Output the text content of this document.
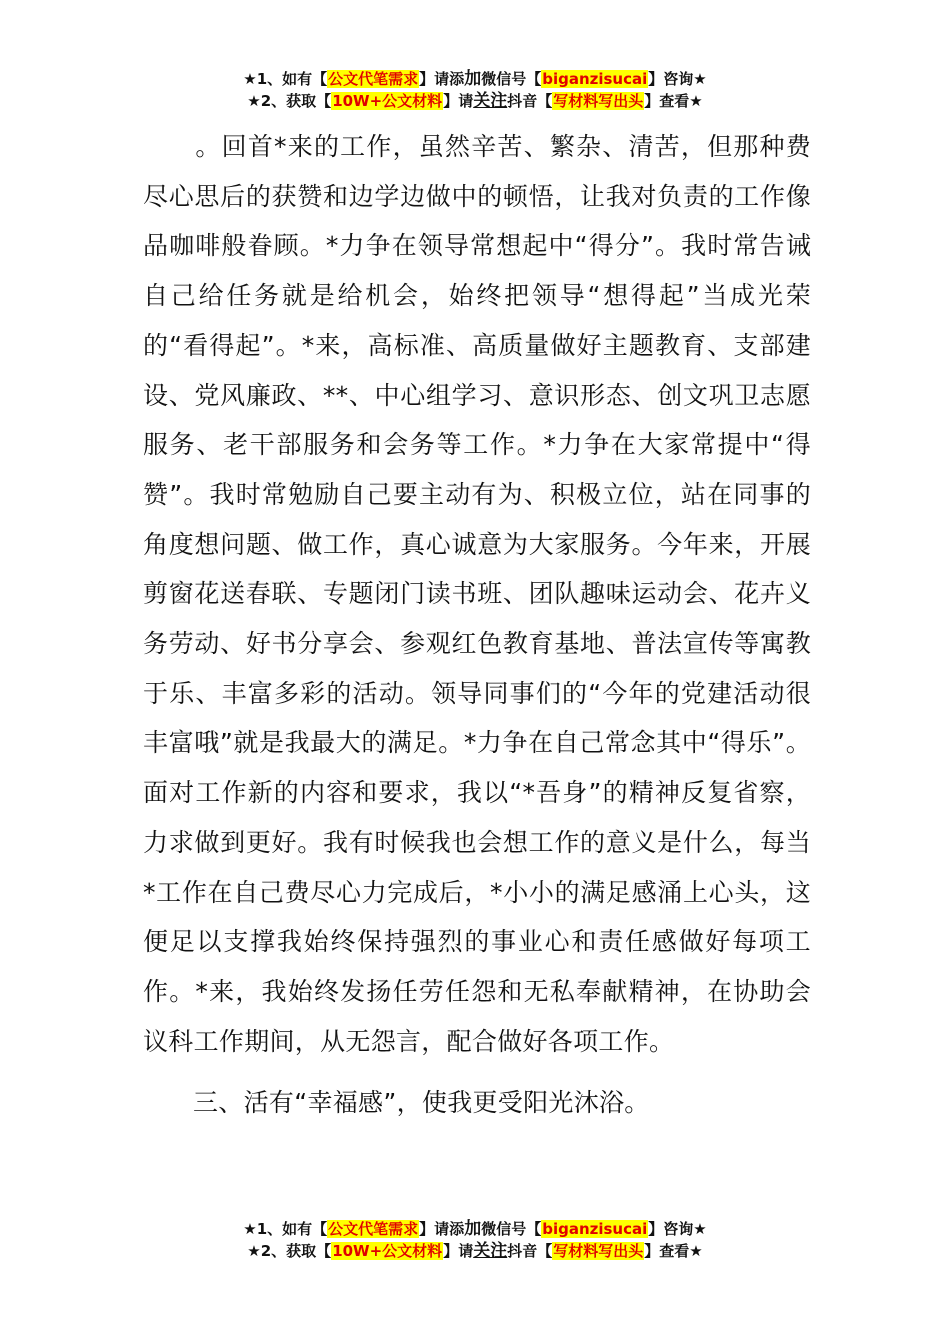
★1、如有【公文代笔需求】请添加微信号【biganzisucai】咨询★
★2、获取【10W+公文材料】请关注抖音【写材料写出头】查看★

　　。回首*来的工作，虽然辛苦、繁杂、清苦，但那种费尽心思后的获赞和边学边做中的顿悟，让我对负责的工作像品咖啡般眷顾。*力争在领导常想起中“得分”。我时常告诫自己给任务就是给机会，始终把领导“想得起”当成光荣的“看得起”。*来，高标准、高质量做好主题教育、支部建设、党风廉政、**、中心组学习、意识形态、创文巩卫志愿服务、老干部服务和会务等工作。*力争在大家常提中“得赞”。我时常勉励自己要主动有为、积极立位，站在同事的角度想问题、做工作，真心诚意为大家服务。今年来，开展剪窗花送春联、专题闭门读书班、团队趣味运动会、花卉义务劳动、好书分享会、参观红色教育基地、普法宣传等寓教于乐、丰富多彩的活动。领导同事们的“今年的党建活动很丰富哦”就是我最大的满足。*力争在自己常念其中“得乐”。面对工作新的内容和要求，我以“*吾身”的精神反复省察，力求做到更好。我有时候我也会想工作的意义是什么，每当*工作在自己费尽心力完成后，*小小的满足感涌上心头，这便足以支撑我始终保持强烈的事业心和责任感做好每项工作。*来，我始终发扬任劳任怨和无私奉献精神，在协助会议科工作期间，从无怨言，配合做好各项工作。

三、活有“幸福感”，使我更受阳光沐浴。

★1、如有【公文代笔需求】请添加微信号【biganzisucai】咨询★
★2、获取【10W+公文材料】请关注抖音【写材料写出头】查看★
